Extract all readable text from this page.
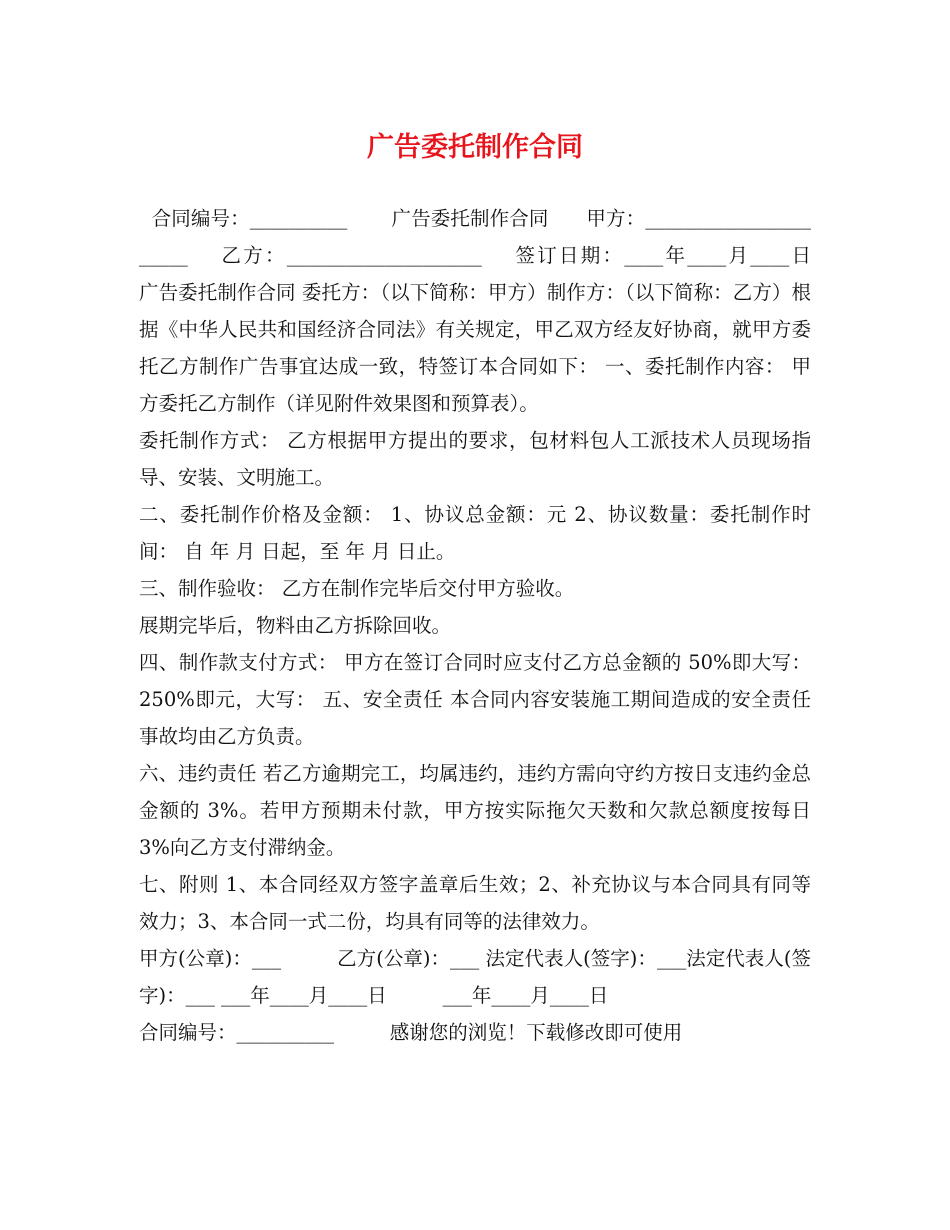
广告委托制作合同

合同编号：__________       广告委托制作合同      甲方：______________________    乙方：____________________    签订日期：____年____月____日            广告委托制作合同 委托方：（以下简称：甲方）制作方：（以下简称：乙方）根据《中华人民共和国经济合同法》有关规定，甲乙双方经友好协商，就甲方委托乙方制作广告事宜达成一致，特签订本合同如下： 一、委托制作内容： 甲方委托乙方制作（详见附件效果图和预算表）。

委托制作方式： 乙方根据甲方提出的要求，包材料包人工派技术人员现场指导、安装、文明施工。

二、委托制作价格及金额： 1、协议总金额：元 2、协议数量：委托制作时间： 自 年 月 日起，至 年 月 日止。

三、制作验收： 乙方在制作完毕后交付甲方验收。

展期完毕后，物料由乙方拆除回收。

四、制作款支付方式： 甲方在签订合同时应支付乙方总金额的 50%即大写： 250%即元，大写： 五、安全责任 本合同内容安装施工期间造成的安全责任事故均由乙方负责。

六、违约责任 若乙方逾期完工，均属违约，违约方需向守约方按日支违约金总金额的 3%。若甲方预期未付款，甲方按实际拖欠天数和欠款总额度按每日 3%向乙方支付滞纳金。

七、附则 1、本合同经双方签字盖章后生效；2、补充协议与本合同具有同等效力；3、本合同一式二份，均具有同等的法律效力。

甲方(公章)：___         乙方(公章)：___ 法定代表人(签字)：___法定代表人(签字)：___ ___年____月____日         ___年____月____日

合同编号：__________         感谢您的浏览！下载修改即可使用
